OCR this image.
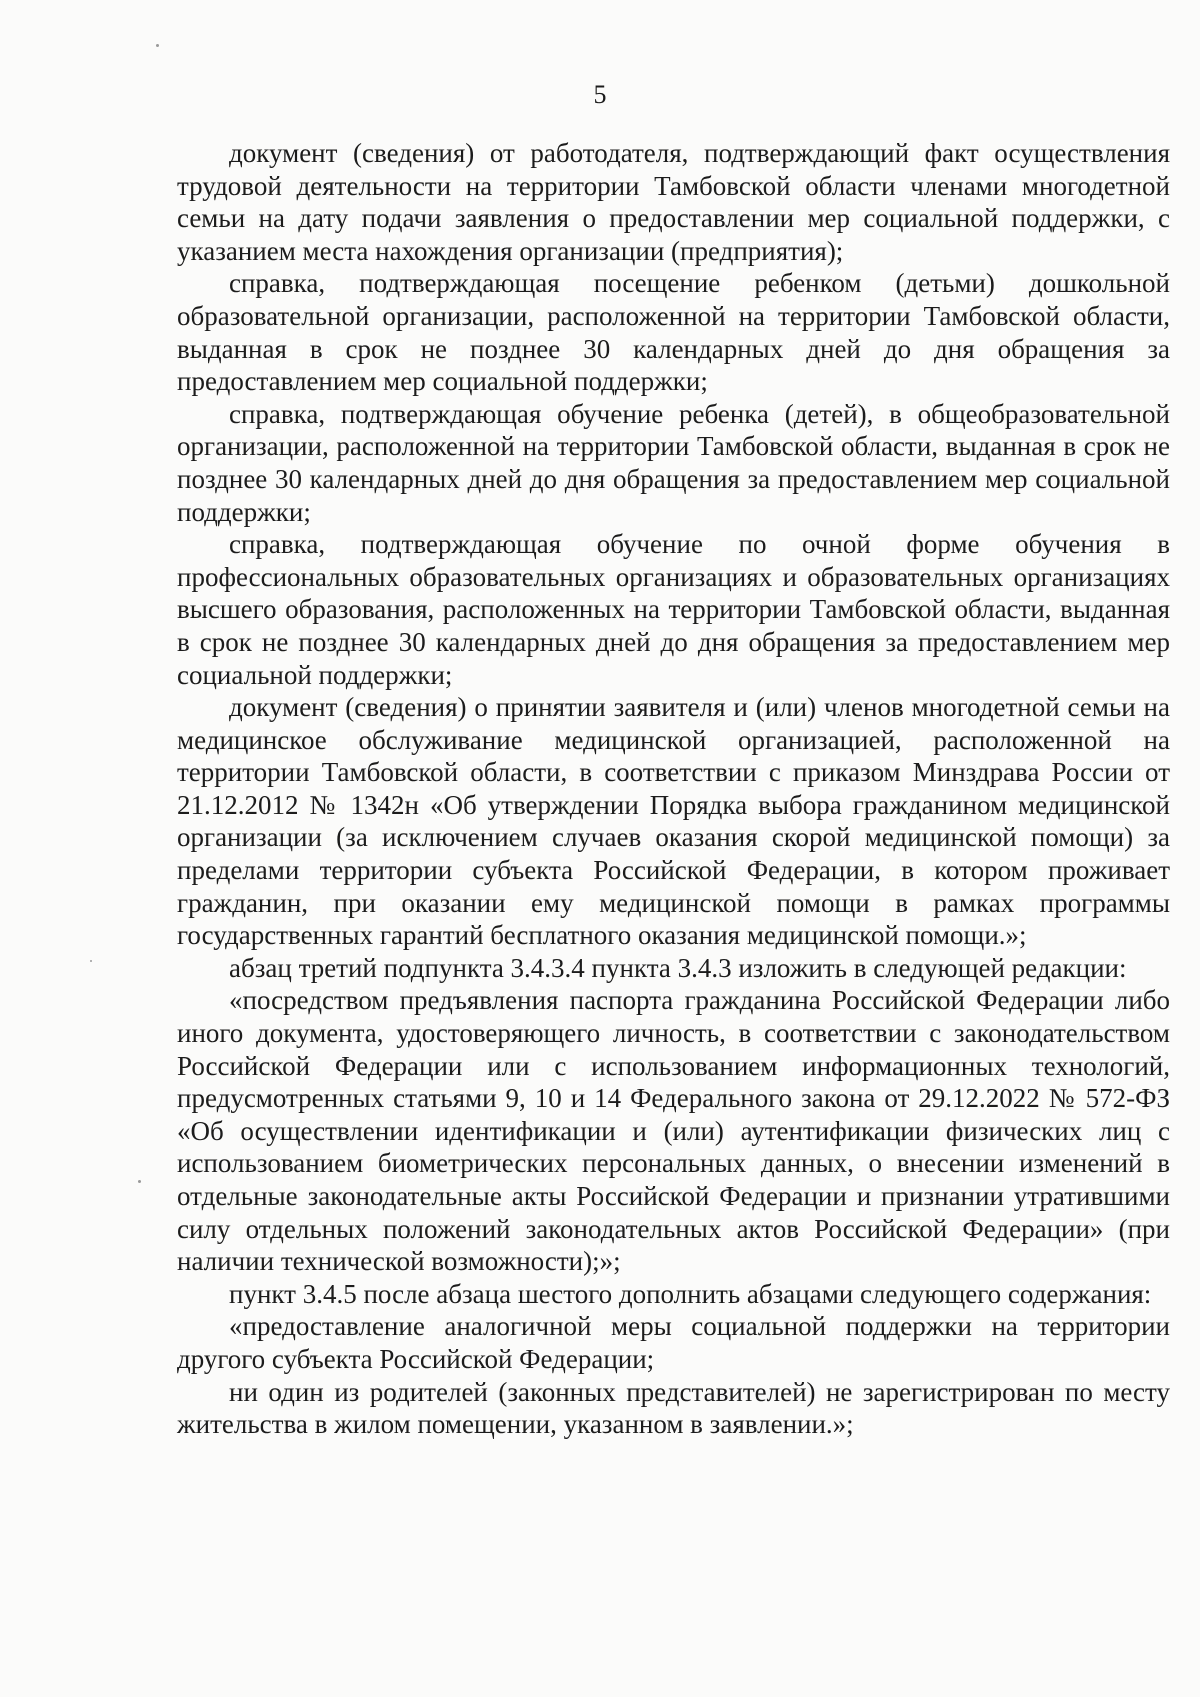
5

документ (сведения) от работодателя, подтверждающий факт осуществления трудовой деятельности на территории Тамбовской области членами многодетной семьи на дату подачи заявления о предоставлении мер социальной поддержки, с указанием места нахождения организации (предприятия);

справка, подтверждающая посещение ребенком (детьми) дошкольной образовательной организации, расположенной на территории Тамбовской области, выданная в срок не позднее 30 календарных дней до дня обращения за предоставлением мер социальной поддержки;

справка, подтверждающая обучение ребенка (детей), в общеобразовательной организации, расположенной на территории Тамбовской области, выданная в срок не позднее 30 календарных дней до дня обращения за предоставлением мер социальной поддержки;

справка, подтверждающая обучение по очной форме обучения в профессиональных образовательных организациях и образовательных организациях высшего образования, расположенных на территории Тамбовской области, выданная в срок не позднее 30 календарных дней до дня обращения за предоставлением мер социальной поддержки;

документ (сведения) о принятии заявителя и (или) членов многодетной семьи на медицинское обслуживание медицинской организацией, расположенной на территории Тамбовской области, в соответствии с приказом Минздрава России от 21.12.2012 № 1342н «Об утверждении Порядка выбора гражданином медицинской организации (за исключением случаев оказания скорой медицинской помощи) за пределами территории субъекта Российской Федерации, в котором проживает гражданин, при оказании ему медицинской помощи в рамках программы государственных гарантий бесплатного оказания медицинской помощи.»;

абзац третий подпункта 3.4.3.4 пункта 3.4.3 изложить в следующей редакции:

«посредством предъявления паспорта гражданина Российской Федерации либо иного документа, удостоверяющего личность, в соответствии с законодательством Российской Федерации или с использованием информационных технологий, предусмотренных статьями 9, 10 и 14 Федерального закона от 29.12.2022 № 572-ФЗ «Об осуществлении идентификации и (или) аутентификации физических лиц с использованием биометрических персональных данных, о внесении изменений в отдельные законодательные акты Российской Федерации и признании утратившими силу отдельных положений законодательных актов Российской Федерации» (при наличии технической возможности);»;

пункт 3.4.5 после абзаца шестого дополнить абзацами следующего содержания:

«предоставление аналогичной меры социальной поддержки на территории другого субъекта Российской Федерации;

ни один из родителей (законных представителей) не зарегистрирован по месту жительства в жилом помещении, указанном в заявлении.»;
